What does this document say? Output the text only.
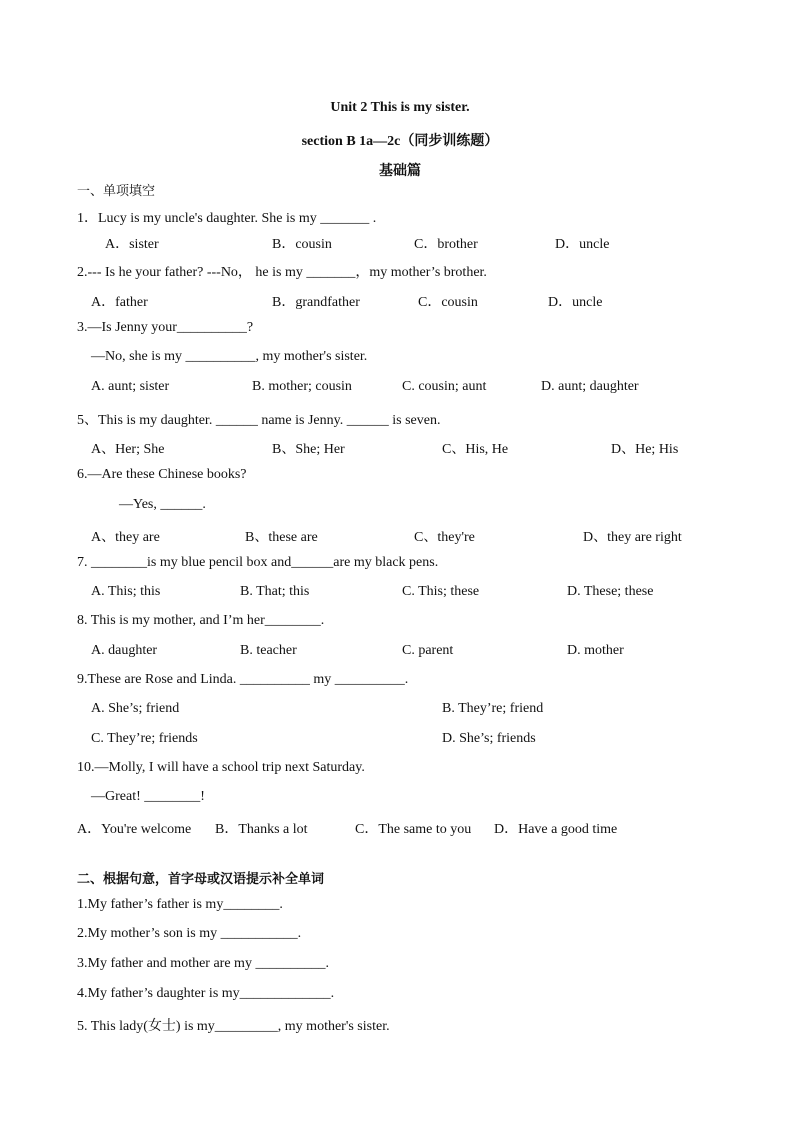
Unit 2 This is my sister.
section B 1a—2c（同步训练题）
基础篇
一、单项填空
1．Lucy is my uncle's daughter. She is my _______ .
A．sister	B．cousin	C．brother	D．uncle
2.--- Is he your father? ---No， he is my _______，my mother’s brother.
A．father	B．grandfather	C．cousin	D．uncle
3.—Is Jenny your__________?
—No, she is my __________, my mother's sister.
A. aunt; sister	B. mother; cousin	C. cousin; aunt	D. aunt; daughter
5、This is my daughter. ______ name is Jenny. ______ is seven.
A、Her; She	B、She; Her	C、His, He	D、He; His
6.—Are these Chinese books?
—Yes, ______.
A、they are	B、these are	C、they're	D、they are right
7. ________is my blue pencil box and______are my black pens.
A. This; this	B. That; this	C. This; these	D. These; these
8. This is my mother, and I’m her________.
A. daughter	B. teacher	C. parent	D. mother
9.These are Rose and Linda. __________ my __________.
A. She’s; friend	B. They’re; friend
C. They’re; friends	D. She’s; friends
10.—Molly, I will have a school trip next Saturday.
—Great! ________!
A．You're welcome B．Thanks a lot	C．The same to you D．Have a good time
二、根据句意，首字母或汉语提示补全单词
1.My father’s father is my________.
2.My mother’s son is my ___________.
3.My father and mother are my __________.
4.My father’s daughter is my_____________.
5. This lady(女士) is my_________, my mother's sister.
